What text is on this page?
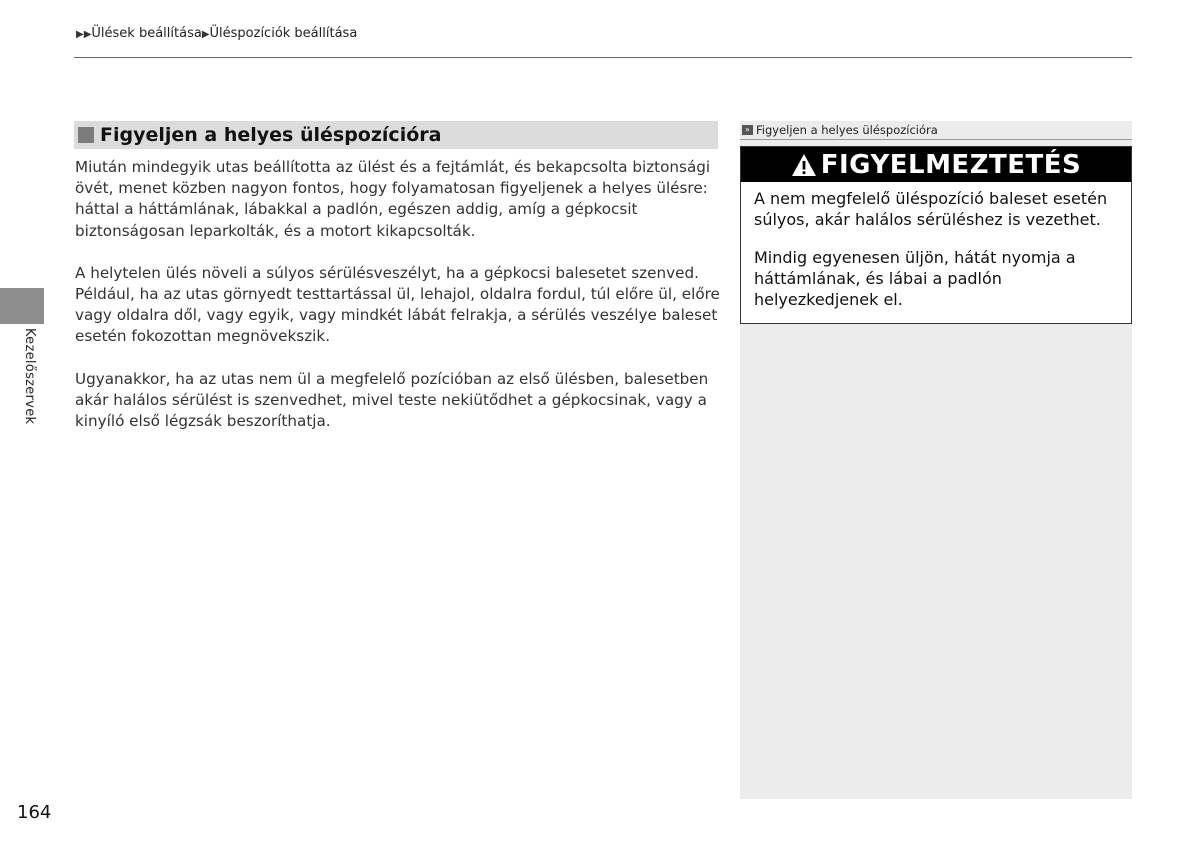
▶▶Ülések beállítása▶Üléspozíciók beállítása
Kezelőszervek
164
Figyeljen a helyes üléspozícióra

Miután mindegyik utas beállította az ülést és a fejtámlát, és bekapcsolta biztonsági övét, menet közben nagyon fontos, hogy folyamatosan figyeljenek a helyes ülésre: háttal a háttámlának, lábakkal a padlón, egészen addig, amíg a gépkocsit biztonságosan leparkolták, és a motort kikapcsolták.

A helytelen ülés növeli a súlyos sérülésveszélyt, ha a gépkocsi balesetet szenved. Például, ha az utas görnyedt testtartással ül, lehajol, oldalra fordul, túl előre ül, előre vagy oldalra dől, vagy egyik, vagy mindkét lábát felrakja, a sérülés veszélye baleset esetén fokozottan megnövekszik.

Ugyanakkor, ha az utas nem ül a megfelelő pozícióban az első ülésben, balesetben akár halálos sérülést is szenvedhet, mivel teste nekiütődhet a gépkocsinak, vagy a kinyíló első légzsák beszoríthatja.

» Figyeljen a helyes üléspozícióra
FIGYELMEZTETÉS

A nem megfelelő üléspozíció baleset esetén súlyos, akár halálos sérüléshez is vezethet.

Mindig egyenesen üljön, hátát nyomja a háttámlának, és lábai a padlón helyezkedjenek el.
